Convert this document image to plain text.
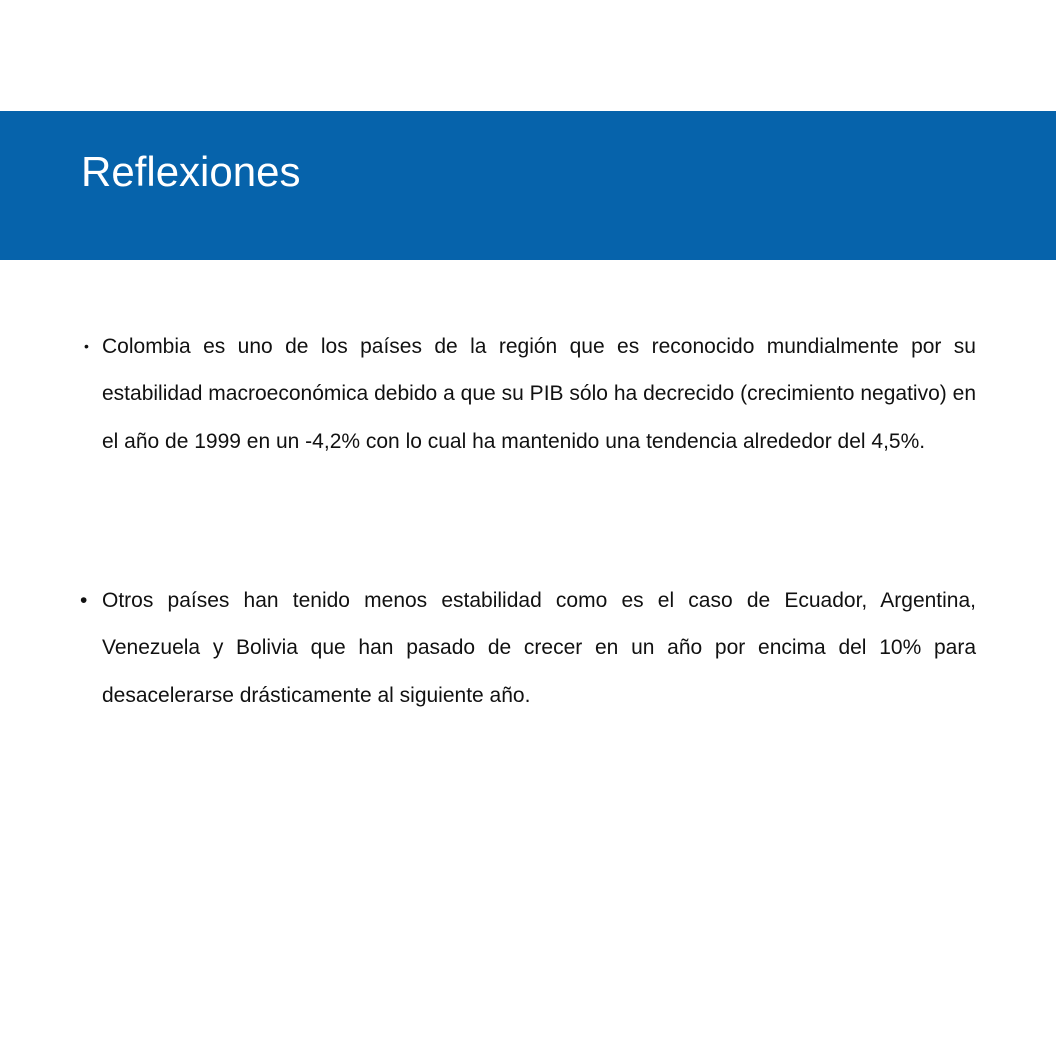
Reflexiones
• Colombia es uno de los países de la región que es reconocido mundialmente por su estabilidad macroeconómica debido a que su PIB sólo ha decrecido (crecimiento negativo) en el año de 1999 en un -4,2% con lo cual ha mantenido una tendencia alrededor del 4,5%.
• Otros países han tenido menos estabilidad como es el caso de Ecuador, Argentina, Venezuela y Bolivia que han pasado de crecer en un año por encima del 10% para desacelerarse drásticamente al siguiente año.
